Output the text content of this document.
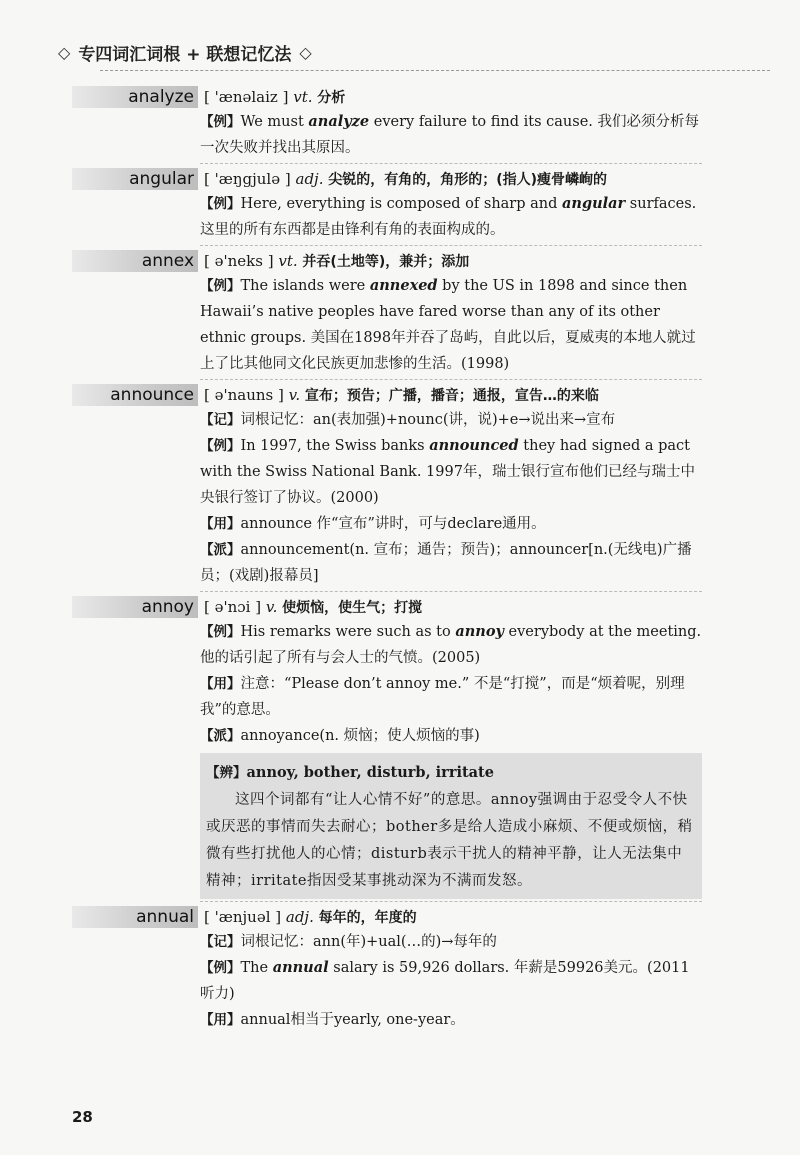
◇ 专四词汇词根 + 联想记忆法 ◇
analyze [ 'ænəlaiz ] vt. 分析
【例】We must analyze every failure to find its cause. 我们必须分析每一次失败并找出其原因。
angular [ 'æŋgjulə ] adj. 尖锐的，有角的，角形的；(指人)瘦骨嶙峋的
【例】Here, everything is composed of sharp and angular surfaces. 这里的所有东西都是由锋利有角的表面构成的。
annex [ ə'neks ] vt. 并吞(土地等)，兼并；添加
【例】The islands were annexed by the US in 1898 and since then Hawaii’s native peoples have fared worse than any of its other ethnic groups. 美国在1898年并吞了岛屿，自此以后，夏威夷的本地人就过上了比其他同文化民族更加悲惨的生活。(1998)
announce [ ə'nauns ] v. 宣布；预告；广播，播音；通报，宣告…的来临
【记】词根记忆：an(表加强)+nounc(讲，说)+e→说出来→宣布
【例】In 1997, the Swiss banks announced they had signed a pact with the Swiss National Bank. 1997年，瑞士银行宣布他们已经与瑞士中央银行签订了协议。(2000)
【用】announce 作“宣布”讲时，可与declare通用。
【派】announcement(n. 宣布；通告；预告)；announcer[n.(无线电)广播员；(戏剧)报幕员]
annoy [ ə'nɔi ] v. 使烦恼，使生气；打搅
【例】His remarks were such as to annoy everybody at the meeting. 他的话引起了所有与会人士的气愤。(2005)
【用】注意：“Please don’t annoy me.” 不是“打搅”，而是“烦着呢，别理我”的意思。
【派】annoyance(n. 烦恼；使人烦恼的事)
【辨】annoy, bother, disturb, irritate
这四个词都有“让人心情不好”的意思。annoy强调由于忍受令人不快或厌恶的事情而失去耐心；bother多是给人造成小麻烦、不便或烦恼，稍微有些打扰他人的心情；disturb表示干扰人的精神平静，让人无法集中精神；irritate指因受某事挑动深为不满而发怒。
annual [ 'ænjuəl ] adj. 每年的，年度的
【记】词根记忆：ann(年)+ual(…的)→每年的
【例】The annual salary is 59,926 dollars. 年薪是59926美元。(2011 听力)
【用】annual相当于yearly, one-year。
28
